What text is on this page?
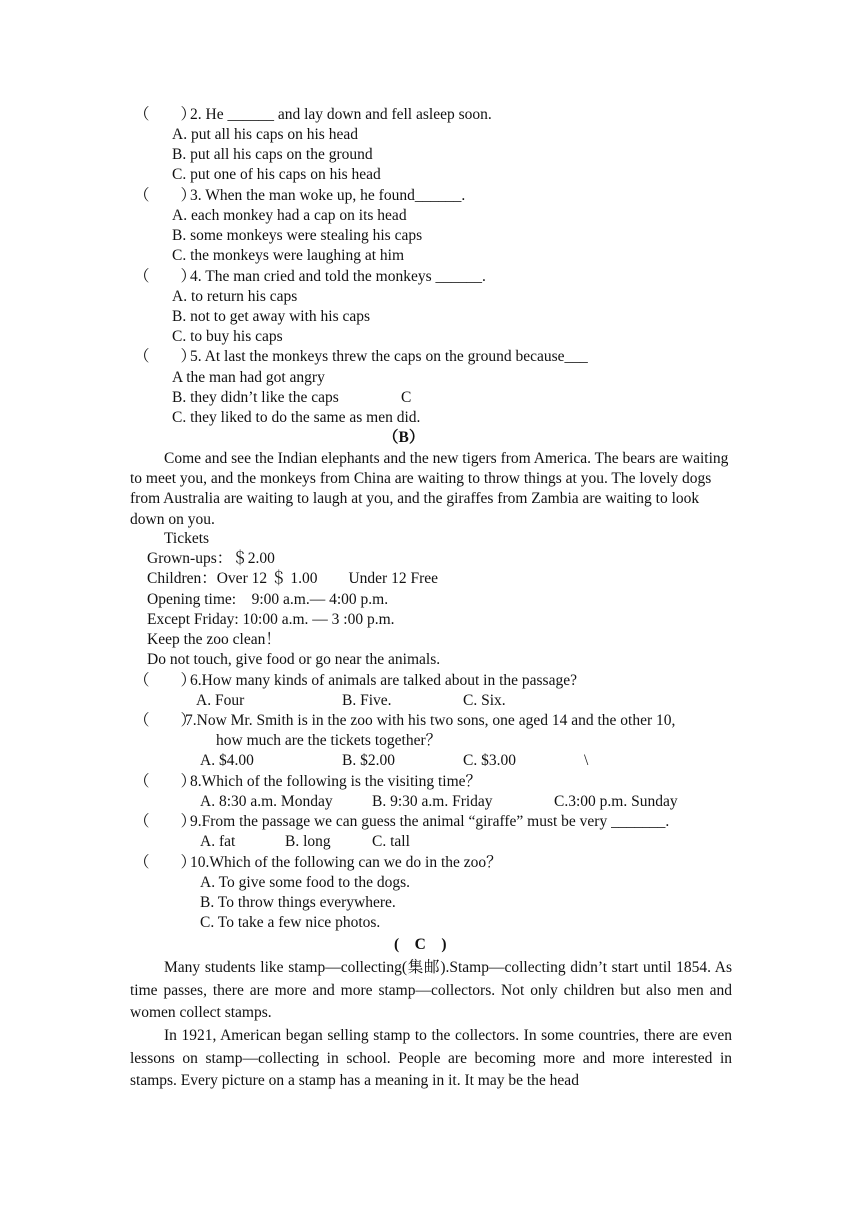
（　　）
2. He ______ and lay down and fell asleep soon.
A. put all his caps on his head
B. put all his caps on the ground
C. put one of his caps on his head
（　　）
3. When the man woke up, he found______.
A. each monkey had a cap on its head
B. some monkeys were stealing his caps
C. the monkeys were laughing at him
（　　）
4. The man cried and told the monkeys ______.
A. to return his caps
B. not to get away with his caps
C. to buy his caps
（　　）
5. At last the monkeys threw the caps on the ground because___
A the man had got angry
B. they didn’t like the caps	C
C. they liked to do the same as men did.
（B）
Come and see the Indian elephants and the new tigers from America. The bears are waiting to meet you, and the monkeys from China are waiting to throw things at you. The lovely dogs from Australia are waiting to laugh at you, and the giraffes from Zambia are waiting to look down on you.
Tickets
Grown-ups：＄2.00
Children：Over 12 ＄ 1.00        Under 12 Free
Opening time:    9:00 a.m.— 4:00 p.m.
Except Friday: 10:00 a.m. — 3 :00 p.m.
Keep the zoo clean！
Do not touch, give food or go near the animals.
（　　）
6.How many kinds of animals are talked about in the passage?
A. Four	B. Five.	C. Six.
（　　）
7.Now Mr. Smith is in the zoo with his two sons, one aged 14 and the other 10,
how much are the tickets together？
A. $4.00	B. $2.00	C. $3.00	\
（　　）
8.Which of the following is the visiting time？
A. 8:30 a.m. Monday	B. 9:30 a.m. Friday	C.3:00 p.m. Sunday
（　　）
9.From the passage we can guess the animal “giraffe” must be very _______.
A. fat	B. long	C. tall
（　　）
10.Which of the following can we do in the zoo？
A. To give some food to the dogs.
B. To throw things everywhere.
C. To take a few nice photos.
(    C    )
Many students like stamp—collecting(集邮).Stamp—collecting didn’t start until 1854. As time passes, there are more and more stamp—collectors. Not only children but also men and women collect stamps.
In 1921, American began selling stamp to the collectors. In some countries, there are even lessons on stamp—collecting in school. People are becoming more and more interested in stamps. Every picture on a stamp has a meaning in it. It may be the head
